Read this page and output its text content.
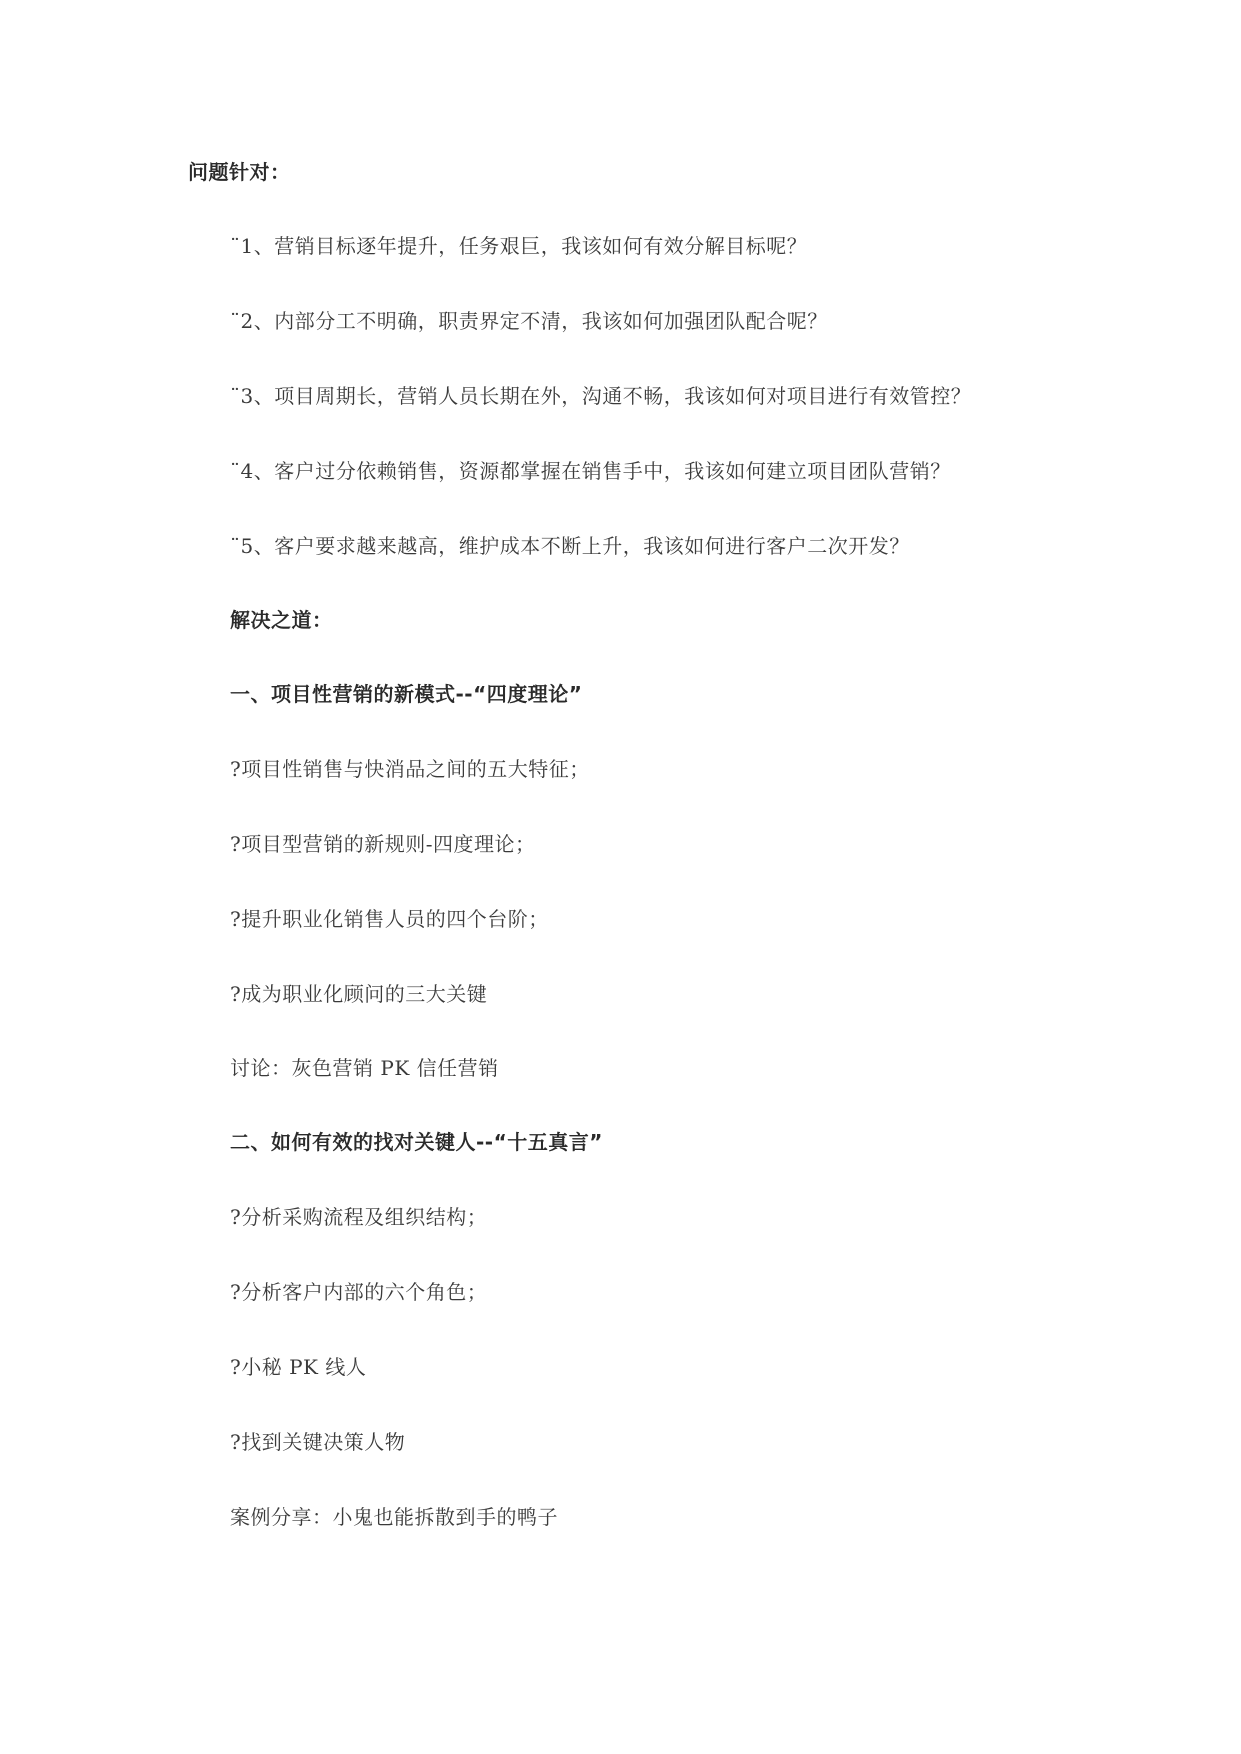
问题针对：
¨1、营销目标逐年提升，任务艰巨，我该如何有效分解目标呢？
¨2、内部分工不明确，职责界定不清，我该如何加强团队配合呢？
¨3、项目周期长，营销人员长期在外，沟通不畅，我该如何对项目进行有效管控？
¨4、客户过分依赖销售，资源都掌握在销售手中，我该如何建立项目团队营销？
¨5、客户要求越来越高，维护成本不断上升，我该如何进行客户二次开发？
解决之道：
一、项目性营销的新模式--“四度理论”
?项目性销售与快消品之间的五大特征；
?项目型营销的新规则-四度理论；
?提升职业化销售人员的四个台阶；
?成为职业化顾问的三大关键
讨论：灰色营销 PK 信任营销
二、如何有效的找对关键人--“十五真言”
?分析采购流程及组织结构；
?分析客户内部的六个角色；
?小秘 PK 线人
?找到关键决策人物
案例分享：小鬼也能拆散到手的鸭子
